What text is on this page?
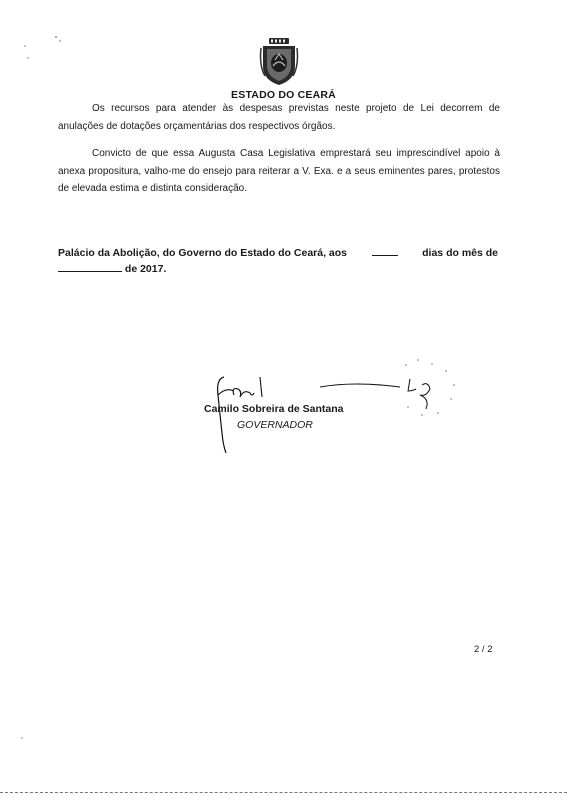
ESTADO DO CEARÁ

Os recursos para atender às despesas previstas neste projeto de Lei decorrem de anulações de dotações orçamentárias dos respectivos órgãos.

Convicto de que essa Augusta Casa Legislativa emprestará seu imprescindível apoio à anexa propositura, valho-me do ensejo para reiterar a V. Exa. e a seus eminentes pares, protestos de elevada estima e distinta consideração.

Palácio da Abolição, do Governo do Estado do Ceará, aos	dias do mês de
de 2017.
Camilo Sobreira de Santana
GOVERNADOR
2 / 2
